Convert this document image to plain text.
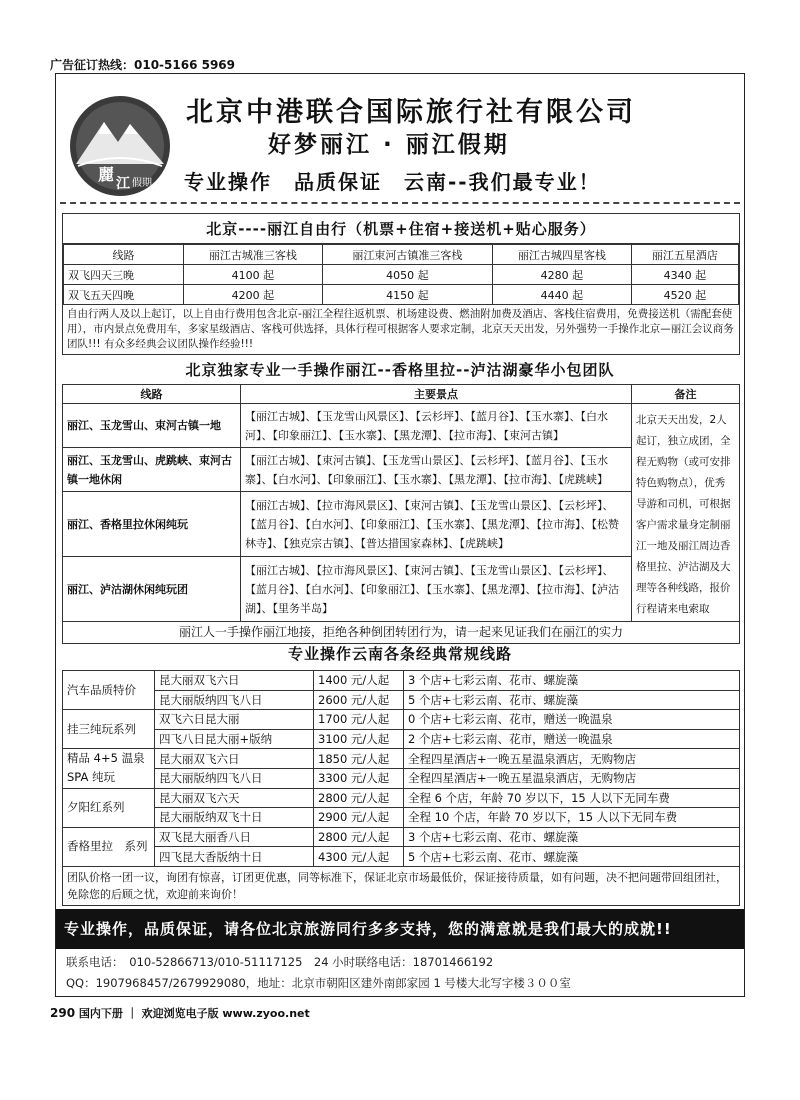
广告征订热线：010-5166 5969
麗 江 假期
北京中港联合国际旅行社有限公司
好梦丽江 · 丽江假期
专业操作　品质保证　云南--我们最专业！
北京----丽江自由行（机票+住宿+接送机+贴心服务）
线路	丽江古城准三客栈	丽江束河古镇准三客栈	丽江古城四星客栈	丽江五星酒店
双飞四天三晚	4100 起	4050 起	4280 起	4340 起
双飞五天四晚	4200 起	4150 起	4440 起	4520 起
自由行两人及以上起订，以上自由行费用包含北京-丽江全程往返机票、机场建设费、燃油附加费及酒店、客栈住宿费用，免费接送机（需配套使用），市内景点免费用车，多家星级酒店、客栈可供选择，具体行程可根据客人要求定制，北京天天出发，另外强势一手操作北京—丽江会议商务团队!!! 有众多经典会议团队操作经验!!!
北京独家专业一手操作丽江--香格里拉--泸沽湖豪华小包团队
线路	主要景点	备注
丽江、玉龙雪山、束河古镇一地	【丽江古城】、【玉龙雪山风景区】、【云杉坪】、【蓝月谷】、【玉水寨】、【白水河】、【印象丽江】、【玉水寨】、【黑龙潭】、【拉市海】、【束河古镇】	北京天天出发，2人起订，独立成团，全程无购物（或可安排特色购物点），优秀导游和司机，可根据客户需求量身定制丽江一地及丽江周边香格里拉、泸沽湖及大理等各种线路，报价行程请来电索取
丽江、玉龙雪山、虎跳峡、束河古镇一地休闲	【丽江古城】、【束河古镇】、【玉龙雪山景区】、【云杉坪】、【蓝月谷】、【玉水寨】、【白水河】、【印象丽江】、【玉水寨】、【黑龙潭】、【拉市海】、【虎跳峡】	
丽江、香格里拉休闲纯玩	【丽江古城】、【拉市海风景区】、【束河古镇】、【玉龙雪山景区】、【云杉坪】、【蓝月谷】、【白水河】、【印象丽江】、【玉水寨】、【黑龙潭】、【拉市海】、【松赞林寺】、【独克宗古镇】、【普达措国家森林】、【虎跳峡】	
丽江、泸沽湖休闲纯玩团	【丽江古城】、【拉市海风景区】、【束河古镇】、【玉龙雪山景区】、【云杉坪】、【蓝月谷】、【白水河】、【印象丽江】、【玉水寨】、【黑龙潭】、【拉市海】、【泸沽湖】、【里务半岛】	
丽江人一手操作丽江地接，拒绝各种倒团转团行为，请一起来见证我们在丽江的实力		
专业操作云南各条经典常规线路
汽车品质特价	昆大丽双飞六日	1400 元/人起	3 个店+七彩云南、花市、螺旋藻
	昆大丽版纳四飞八日	2600 元/人起	5 个店+七彩云南、花市、螺旋藻
挂三纯玩系列	双飞六日昆大丽	1700 元/人起	0 个店+七彩云南、花市，赠送一晚温泉
	四飞八日昆大丽+版纳	3100 元/人起	2 个店+七彩云南、花市，赠送一晚温泉
精品 4+5 温泉 SPA 纯玩	昆大丽双飞六日	1850 元/人起	全程四星酒店+一晚五星温泉酒店，无购物店
	昆大丽版纳四飞八日	3300 元/人起	全程四星酒店+一晚五星温泉酒店，无购物店
夕阳红系列	昆大丽双飞六天	2800 元/人起	全程 6 个店，年龄 70 岁以下，15 人以下无同车费
	昆大丽版纳双飞十日	2900 元/人起	全程 10 个店，年龄 70 岁以下，15 人以下无同车费
香格里拉　系列	双飞昆大丽香八日	2800 元/人起	3 个店+七彩云南、花市、螺旋藻
	四飞昆大香版纳十日	4300 元/人起	5 个店+七彩云南、花市、螺旋藻
团队价格一团一议，询团有惊喜，订团更优惠，同等标准下，保证北京市场最低价，保证接待质量，如有问题，决不把问题带回组团社，免除您的后顾之忧，欢迎前来询价！			
专业操作，品质保证，请各位北京旅游同行多多支持，您的满意就是我们最大的成就!!
联系电话：　010-52866713/010-51117125　24 小时联络电话：18701466192
QQ：1907968457/2679929080，地址：北京市朝阳区建外南郎家园 1 号楼大北写字楼３００室
290 国内下册 ｜ 欢迎浏览电子版 www.zyoo.net
